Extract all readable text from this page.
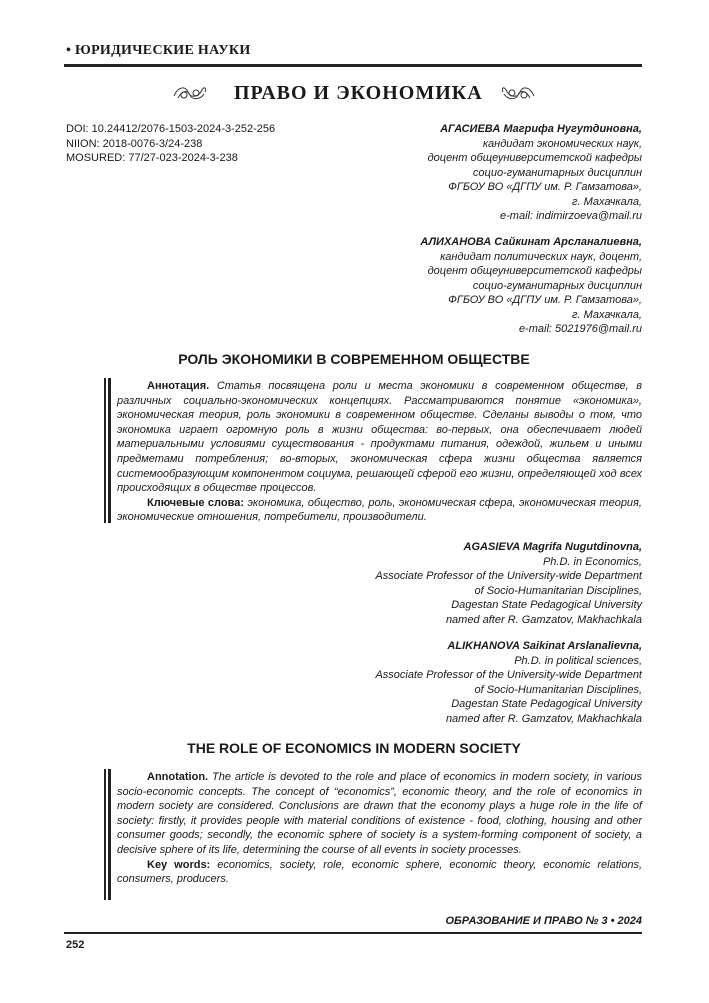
• ЮРИДИЧЕСКИЕ НАУКИ
ПРАВО И ЭКОНОМИКА
DOI: 10.24412/2076-1503-2024-3-252-256
NIION: 2018-0076-3/24-238
MOSURED: 77/27-023-2024-3-238
АГАСИЕВА Магрифа Нугутдиновна,
кандидат экономических наук,
доцент общеуниверситетской кафедры
социо-гуманитарных дисциплин
ФГБОУ ВО «ДГПУ им. Р. Гамзатова»,
г. Махачкала,
e-mail: indimirzoeva@mail.ru
АЛИХАНОВА Сайкинат Арсланалиевна,
кандидат политических наук, доцент,
доцент общеуниверситетской кафедры
социо-гуманитарных дисциплин
ФГБОУ ВО «ДГПУ им. Р. Гамзатова»,
г. Махачкала,
e-mail: 5021976@mail.ru
РОЛЬ ЭКОНОМИКИ В СОВРЕМЕННОМ ОБЩЕСТВЕ

Аннотация. Статья посвящена роли и места экономики в современном обществе, в различных социально-экономических концепциях. Рассматриваются понятие «экономика», экономическая теория, роль экономики в современном обществе. Сделаны выводы о том, что экономика играет огромную роль в жизни общества: во-первых, она обеспечивает людей материальными условиями существования - продуктами питания, одеждой, жильем и иными предметами потребления; во-вторых, экономическая сфера жизни общества является системообразующим компонентом социума, решающей сферой его жизни, определяющей ход всех происходящих в обществе процессов.

Ключевые слова: экономика, общество, роль, экономическая сфера, экономическая теория, экономические отношения, потребители, производители.

AGASIEVA Magrifa Nugutdinovna,
Ph.D. in Economics,
Associate Professor of the University-wide Department
of Socio-Humanitarian Disciplines,
Dagestan State Pedagogical University
named after R. Gamzatov, Makhachkala
ALIKHANOVA Saikinat Arslanalievna,
Ph.D. in political sciences,
Associate Professor of the University-wide Department
of Socio-Humanitarian Disciplines,
Dagestan State Pedagogical University
named after R. Gamzatov, Makhachkala
THE ROLE OF ECONOMICS IN MODERN SOCIETY

Annotation. The article is devoted to the role and place of economics in modern society, in various socio-economic concepts. The concept of “economics”, economic theory, and the role of economics in modern society are considered. Conclusions are drawn that the economy plays a huge role in the life of society: firstly, it provides people with material conditions of existence - food, clothing, housing and other consumer goods; secondly, the economic sphere of society is a system-forming component of society, a decisive sphere of its life, determining the course of all events in society processes.

Key words: economics, society, role, economic sphere, economic theory, economic relations, consumers, producers.

ОБРАЗОВАНИЕ И ПРАВО № 3 • 2024
252
